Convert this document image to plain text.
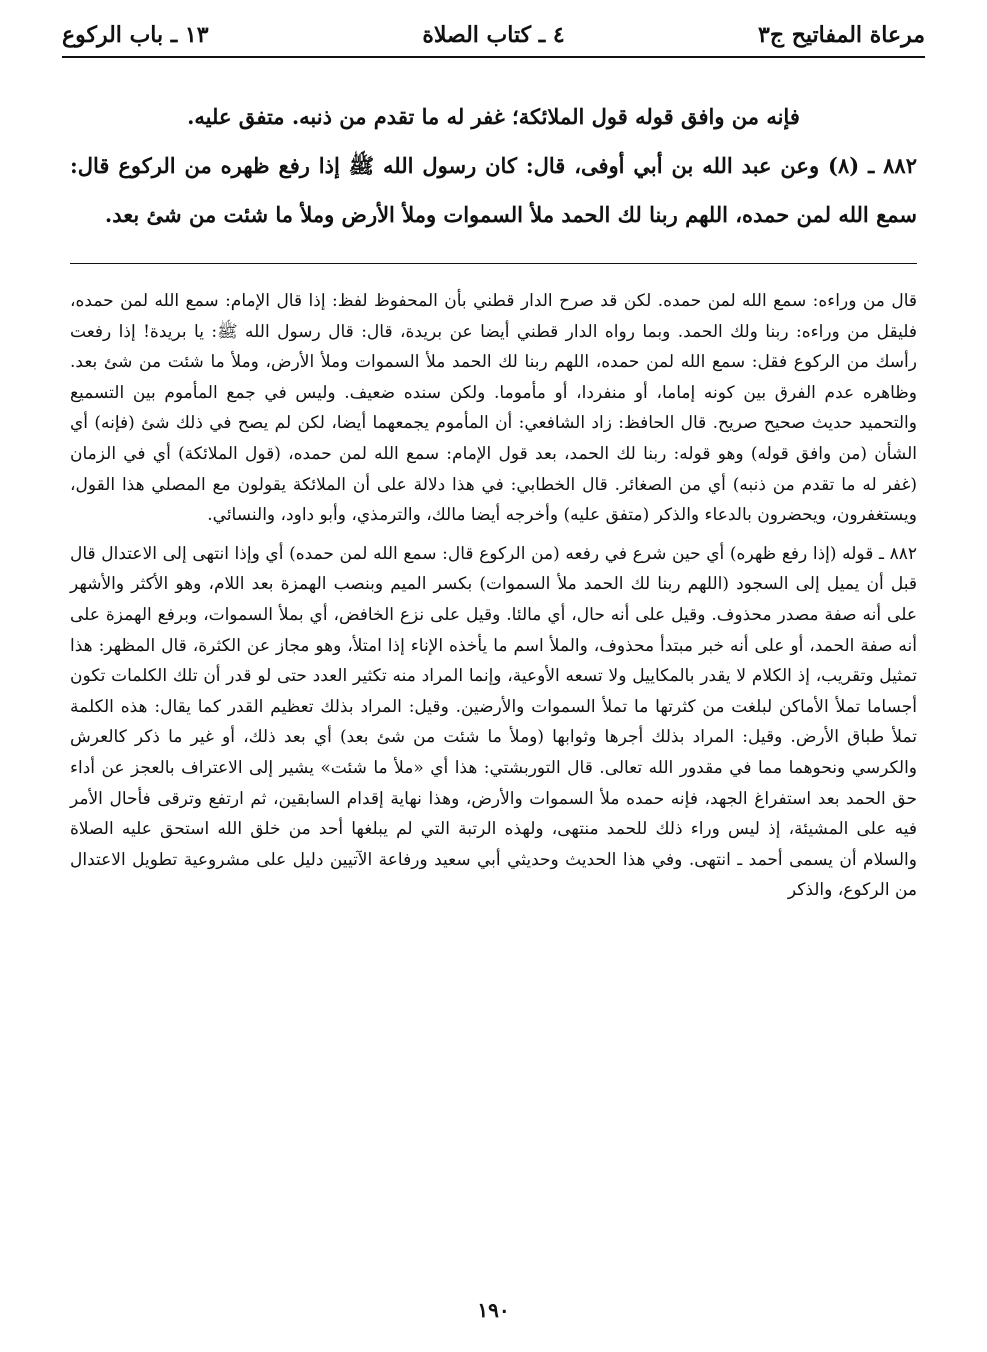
مرعاة المفاتيح ج٣
٤ ـ كتاب الصلاة
١٣ ـ باب الركوع

فإنه من وافق قوله قول الملائكة؛ غفر له ما تقدم من ذنبه. متفق عليه.

٨٨٢ ـ (٨) وعن عبد الله بن أبي أوفى، قال: كان رسول الله ﷺ إذا رفع ظهره من الركوع قال: سمع الله لمن حمده، اللهم ربنا لك الحمد ملأ السموات وملأ الأرض وملأ ما شئت من شئ بعد.

قال من وراءه: سمع الله لمن حمده. لكن قد صرح الدار قطني بأن المحفوظ لفظ: إذا قال الإمام: سمع الله لمن حمده، فليقل من وراءه: ربنا ولك الحمد. وبما رواه الدار قطني أيضا عن بريدة، قال: قال رسول الله ﷺ: يا بريدة! إذا رفعت رأسك من الركوع فقل: سمع الله لمن حمده، اللهم ربنا لك الحمد ملأ السموات وملأ الأرض، وملأ ما شئت من شئ بعد. وظاهره عدم الفرق بين كونه إماما، أو منفردا، أو مأموما. ولكن سنده ضعيف. وليس في جمع المأموم بين التسميع والتحميد حديث صحيح صريح. قال الحافظ: زاد الشافعي: أن المأموم يجمعهما أيضا، لكن لم يصح في ذلك شئ (فإنه) أي الشأن (من وافق قوله) وهو قوله: ربنا لك الحمد، بعد قول الإمام: سمع الله لمن حمده، (قول الملائكة) أي في الزمان (غفر له ما تقدم من ذنبه) أي من الصغائر. قال الخطابي: في هذا دلالة على أن الملائكة يقولون مع المصلي هذا القول، ويستغفرون، ويحضرون بالدعاء والذكر (متفق عليه) وأخرجه أيضا مالك، والترمذي، وأبو داود، والنسائي.

٨٨٢ ـ قوله (إذا رفع ظهره) أي حين شرع في رفعه (من الركوع قال: سمع الله لمن حمده) أي وإذا انتهى إلى الاعتدال قال قبل أن يميل إلى السجود (اللهم ربنا لك الحمد ملأ السموات) بكسر الميم وبنصب الهمزة بعد اللام، وهو الأكثر والأشهر على أنه صفة مصدر محذوف. وقيل على أنه حال، أي مالئا. وقيل على نزع الخافض، أي بملأ السموات، وبرفع الهمزة على أنه صفة الحمد، أو على أنه خبر مبتدأ محذوف، والملأ اسم ما يأخذه الإناء إذا امتلأ، وهو مجاز عن الكثرة، قال المظهر: هذا تمثيل وتقريب، إذ الكلام لا يقدر بالمكاييل ولا تسعه الأوعية، وإنما المراد منه تكثير العدد حتى لو قدر أن تلك الكلمات تكون أجساما تملأ الأماكن لبلغت من كثرتها ما تملأ السموات والأرضين. وقيل: المراد بذلك تعظيم القدر كما يقال: هذه الكلمة تملأ طباق الأرض. وقيل: المراد بذلك أجرها وثوابها (وملأ ما شئت من شئ بعد) أي بعد ذلك، أو غير ما ذكر كالعرش والكرسي ونحوهما مما في مقدور الله تعالى. قال التوربشتي: هذا أي «ملأ ما شئت» يشير إلى الاعتراف بالعجز عن أداء حق الحمد بعد استفراغ الجهد، فإنه حمده ملأ السموات والأرض، وهذا نهاية إقدام السابقين، ثم ارتفع وترقى فأحال الأمر فيه على المشيئة، إذ ليس وراء ذلك للحمد منتهى، ولهذه الرتبة التي لم يبلغها أحد من خلق الله استحق عليه الصلاة والسلام أن يسمى أحمد ـ انتهى. وفي هذا الحديث وحديثي أبي سعيد ورفاعة الآتيين دليل على مشروعية تطويل الاعتدال من الركوع، والذكر

١٩٠
